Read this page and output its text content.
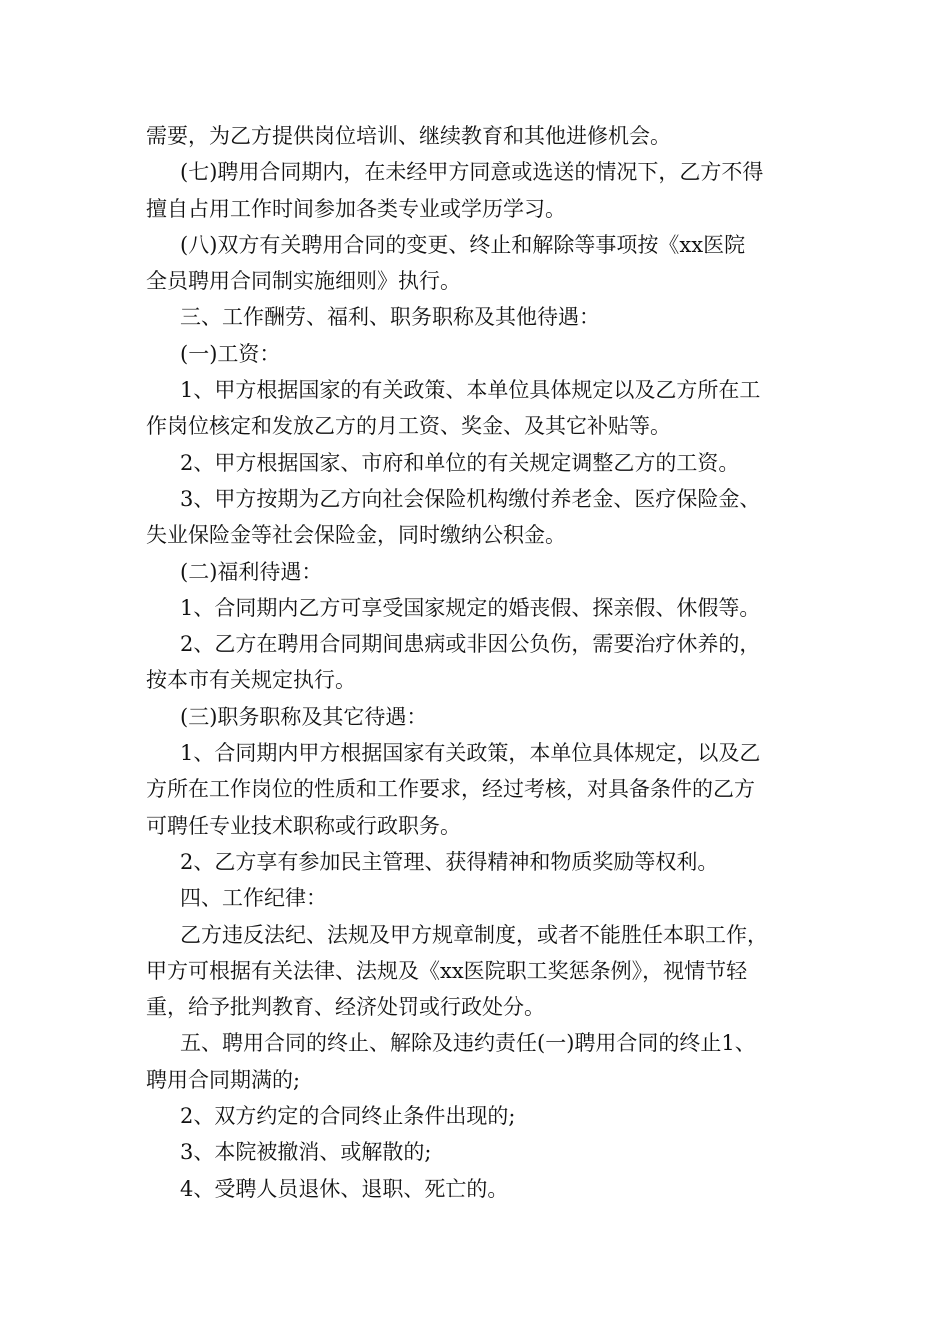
需要，为乙方提供岗位培训、继续教育和其他进修机会。

(七)聘用合同期内，在未经甲方同意或选送的情况下，乙方不得

擅自占用工作时间参加各类专业或学历学习。

(八)双方有关聘用合同的变更、终止和解除等事项按《xx医院

全员聘用合同制实施细则》执行。

三、工作酬劳、福利、职务职称及其他待遇：

(一)工资：

1、甲方根据国家的有关政策、本单位具体规定以及乙方所在工

作岗位核定和发放乙方的月工资、奖金、及其它补贴等。

2、甲方根据国家、市府和单位的有关规定调整乙方的工资。

3、甲方按期为乙方向社会保险机构缴付养老金、医疗保险金、

失业保险金等社会保险金，同时缴纳公积金。

(二)福利待遇：

1、合同期内乙方可享受国家规定的婚丧假、探亲假、休假等。

2、乙方在聘用合同期间患病或非因公负伤，需要治疗休养的，

按本市有关规定执行。

(三)职务职称及其它待遇：

1、合同期内甲方根据国家有关政策，本单位具体规定，以及乙

方所在工作岗位的性质和工作要求，经过考核，对具备条件的乙方

可聘任专业技术职称或行政职务。

2、乙方享有参加民主管理、获得精神和物质奖励等权利。

四、工作纪律：

乙方违反法纪、法规及甲方规章制度，或者不能胜任本职工作，

甲方可根据有关法律、法规及《xx医院职工奖惩条例》，视情节轻

重，给予批判教育、经济处罚或行政处分。

五、聘用合同的终止、解除及违约责任(一)聘用合同的终止1、

聘用合同期满的;

2、双方约定的合同终止条件出现的;

3、本院被撤消、或解散的;

4、受聘人员退休、退职、死亡的。
